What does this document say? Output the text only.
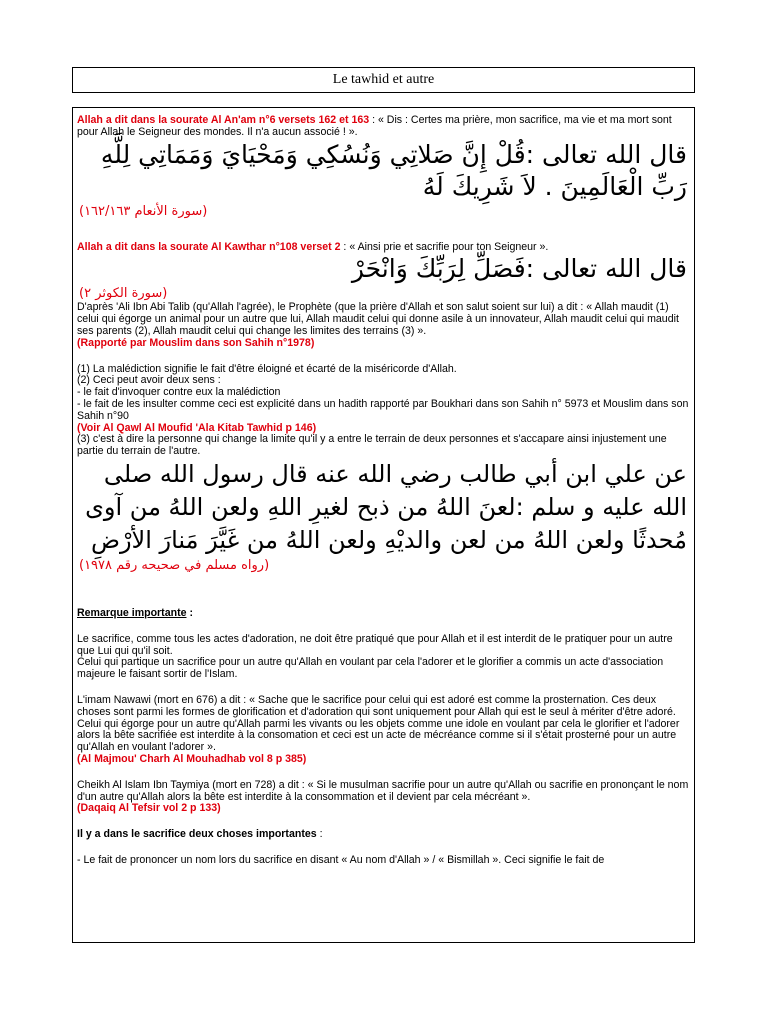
Le tawhid et autre

Allah a dit dans la sourate Al An'am n°6 versets 162 et 163 : « Dis : Certes ma prière, mon sacrifice, ma vie et ma mort sont pour Allah le Seigneur des mondes. Il n'a aucun associé ! ».

قال الله تعالى :قُلْ إِنَّ صَلاتِي وَنُسُكِي وَمَحْيَايَ وَمَمَاتِي لِلَّهِ رَبِّ الْعَالَمِينَ . لاَ شَرِيكَ لَهُ

(سورة الأنعام ١٦٢/١٦٣)

Allah a dit dans la sourate Al Kawthar n°108 verset 2 : « Ainsi prie et sacrifie pour ton Seigneur ».

قال الله تعالى :فَصَلِّ لِرَبِّكَ وَانْحَرْ

(سورة الكوثر ٢)

D'après 'Ali Ibn Abi Talib (qu'Allah l'agrée), le Prophète (que la prière d'Allah et son salut soient sur lui) a dit : « Allah maudit (1) celui qui égorge un animal pour un autre que lui, Allah maudit celui qui donne asile à un innovateur, Allah maudit celui qui maudit ses parents (2), Allah maudit celui qui change les limites des terrains (3) ».

(Rapporté par Mouslim dans son Sahih n°1978)

(1) La malédiction signifie le fait d'être éloigné et écarté de la miséricorde d'Allah.

(2) Ceci peut avoir deux sens :

- le fait d'invoquer contre eux la malédiction

- le fait de les insulter comme ceci est explicité dans un hadith rapporté par Boukhari dans son Sahih n° 5973 et Mouslim dans son Sahih n°90

(Voir Al Qawl Al Moufid 'Ala Kitab Tawhid p 146)

(3) c'est à dire la personne qui change la limite qu'il y a entre le terrain de deux personnes et s'accapare ainsi injustement une partie du terrain de l'autre.

عن علي ابن أبي طالب رضي الله عنه قال رسول الله صلى الله عليه و سلم :لعنَ اللهُ من ذبح لغيرِ اللهِ ولعن اللهُ من آوى مُحدثًا ولعن اللهُ من لعن والديْهِ ولعن اللهُ من غَيَّرَ مَنارَ الأرْضِ

(رواه مسلم في صحيحه رقم ١٩٧٨)

Remarque importante :

Le sacrifice, comme tous les actes d'adoration, ne doit être pratiqué que pour Allah et il est interdit de le pratiquer pour un autre que Lui qui qu'il soit.

Celui qui partique un sacrifice pour un autre qu'Allah en voulant par cela l'adorer et le glorifier a commis un acte d'association majeure le faisant sortir de l'Islam.

L'imam Nawawi (mort en 676) a dit : « Sache que le sacrifice pour celui qui est adoré est comme la prosternation. Ces deux choses sont parmi les formes de glorification et d'adoration qui sont uniquement pour Allah qui est le seul à mériter d'être adoré.

Celui qui égorge pour un autre qu'Allah parmi les vivants ou les objets comme une idole en voulant par cela le glorifier et l'adorer alors la bête sacrifiée est interdite à la consomation et ceci est un acte de mécréance comme si il s'était prosterné pour un autre qu'Allah en voulant l'adorer ».

(Al Majmou' Charh Al Mouhadhab vol 8 p 385)

Cheikh Al Islam Ibn Taymiya (mort en 728) a dit : « Si le musulman sacrifie pour un autre qu'Allah ou sacrifie en prononçant le nom d'un autre qu'Allah alors la bête est interdite à la consommation et il devient par cela mécréant ».

(Daqaiq Al Tefsir vol 2 p 133)

Il y a dans le sacrifice deux choses importantes :

- Le fait de prononcer un nom lors du sacrifice en disant « Au nom d'Allah » / « Bismillah ». Ceci signifie le fait de
